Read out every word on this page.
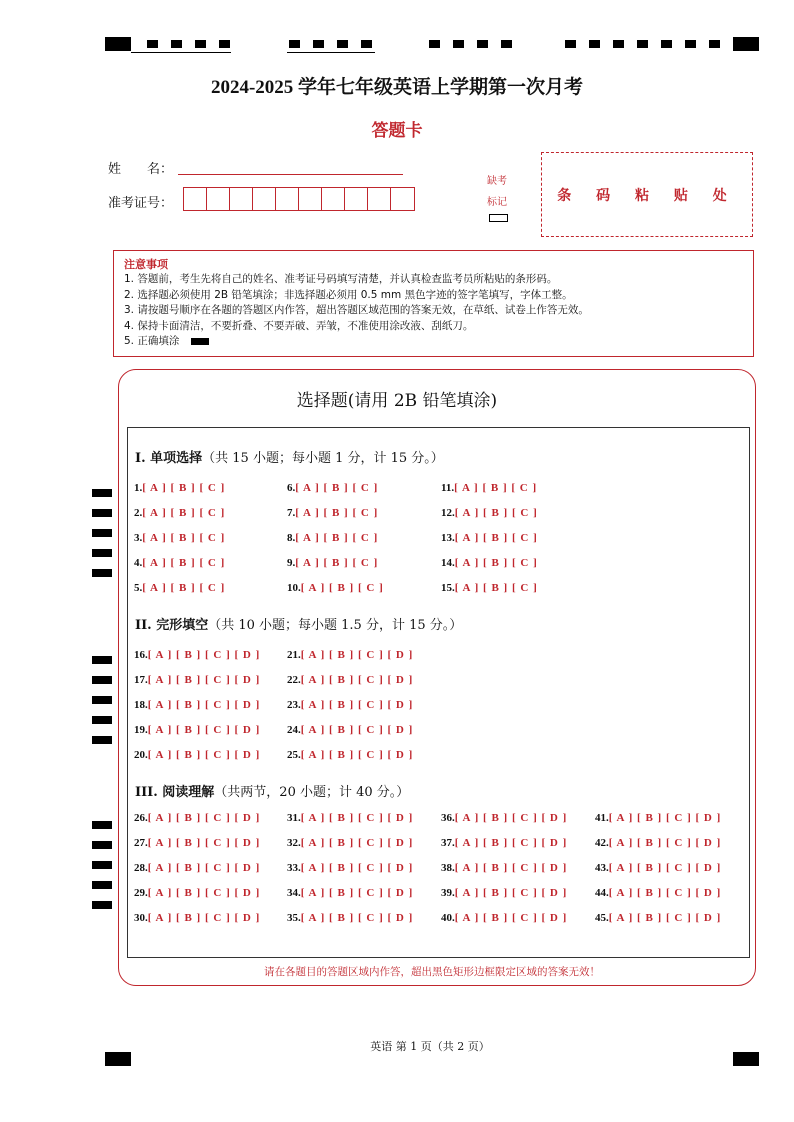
2024-2025 学年七年级英语上学期第一次月考
答题卡
姓　　名：
准考证号：
缺考
标记	条 码 粘 贴 处
注意事项
1. 答题前，考生先将自己的姓名、准考证号码填写清楚，并认真检查监考员所粘贴的条形码。
2. 选择题必须使用 2B 铅笔填涂；非选择题必须用 0.5 mm 黑色字迹的签字笔填写，字体工整。
3. 请按题号顺序在各题的答题区内作答，超出答题区域范围的答案无效，在草纸、试卷上作答无效。
4. 保持卡面清洁，不要折叠、不要弄破、弄皱，不准使用涂改液、刮纸刀。
5. 正确填涂
选择题(请用 2B 铅笔填涂)
I. 单项选择（共 15 小题；每小题 1 分，计 15 分。）
II. 完形填空（共 10 小题；每小题 1.5 分，计 15 分。）
III. 阅读理解（共两节，20 小题；计 40 分。）
1.[ A ] [ B ] [ C ]
2.[ A ] [ B ] [ C ]
3.[ A ] [ B ] [ C ]
4.[ A ] [ B ] [ C ]
5.[ A ] [ B ] [ C ]
6.[ A ] [ B ] [ C ]
7.[ A ] [ B ] [ C ]
8.[ A ] [ B ] [ C ]
9.[ A ] [ B ] [ C ]
10.[ A ] [ B ] [ C ]
11.[ A ] [ B ] [ C ]
12.[ A ] [ B ] [ C ]
13.[ A ] [ B ] [ C ]
14.[ A ] [ B ] [ C ]
15.[ A ] [ B ] [ C ]
16.[ A ] [ B ] [ C ] [ D ]
17.[ A ] [ B ] [ C ] [ D ]
18.[ A ] [ B ] [ C ] [ D ]
19.[ A ] [ B ] [ C ] [ D ]
20.[ A ] [ B ] [ C ] [ D ]
21.[ A ] [ B ] [ C ] [ D ]
22.[ A ] [ B ] [ C ] [ D ]
23.[ A ] [ B ] [ C ] [ D ]
24.[ A ] [ B ] [ C ] [ D ]
25.[ A ] [ B ] [ C ] [ D ]
26.[ A ] [ B ] [ C ] [ D ]
27.[ A ] [ B ] [ C ] [ D ]
28.[ A ] [ B ] [ C ] [ D ]
29.[ A ] [ B ] [ C ] [ D ]
30.[ A ] [ B ] [ C ] [ D ]
31.[ A ] [ B ] [ C ] [ D ]
32.[ A ] [ B ] [ C ] [ D ]
33.[ A ] [ B ] [ C ] [ D ]
34.[ A ] [ B ] [ C ] [ D ]
35.[ A ] [ B ] [ C ] [ D ]
36.[ A ] [ B ] [ C ] [ D ]
37.[ A ] [ B ] [ C ] [ D ]
38.[ A ] [ B ] [ C ] [ D ]
39.[ A ] [ B ] [ C ] [ D ]
40.[ A ] [ B ] [ C ] [ D ]
41.[ A ] [ B ] [ C ] [ D ]
42.[ A ] [ B ] [ C ] [ D ]
43.[ A ] [ B ] [ C ] [ D ]
44.[ A ] [ B ] [ C ] [ D ]
45.[ A ] [ B ] [ C ] [ D ]
请在各题目的答题区域内作答，超出黑色矩形边框限定区域的答案无效！
英语 第 1 页（共 2 页）
